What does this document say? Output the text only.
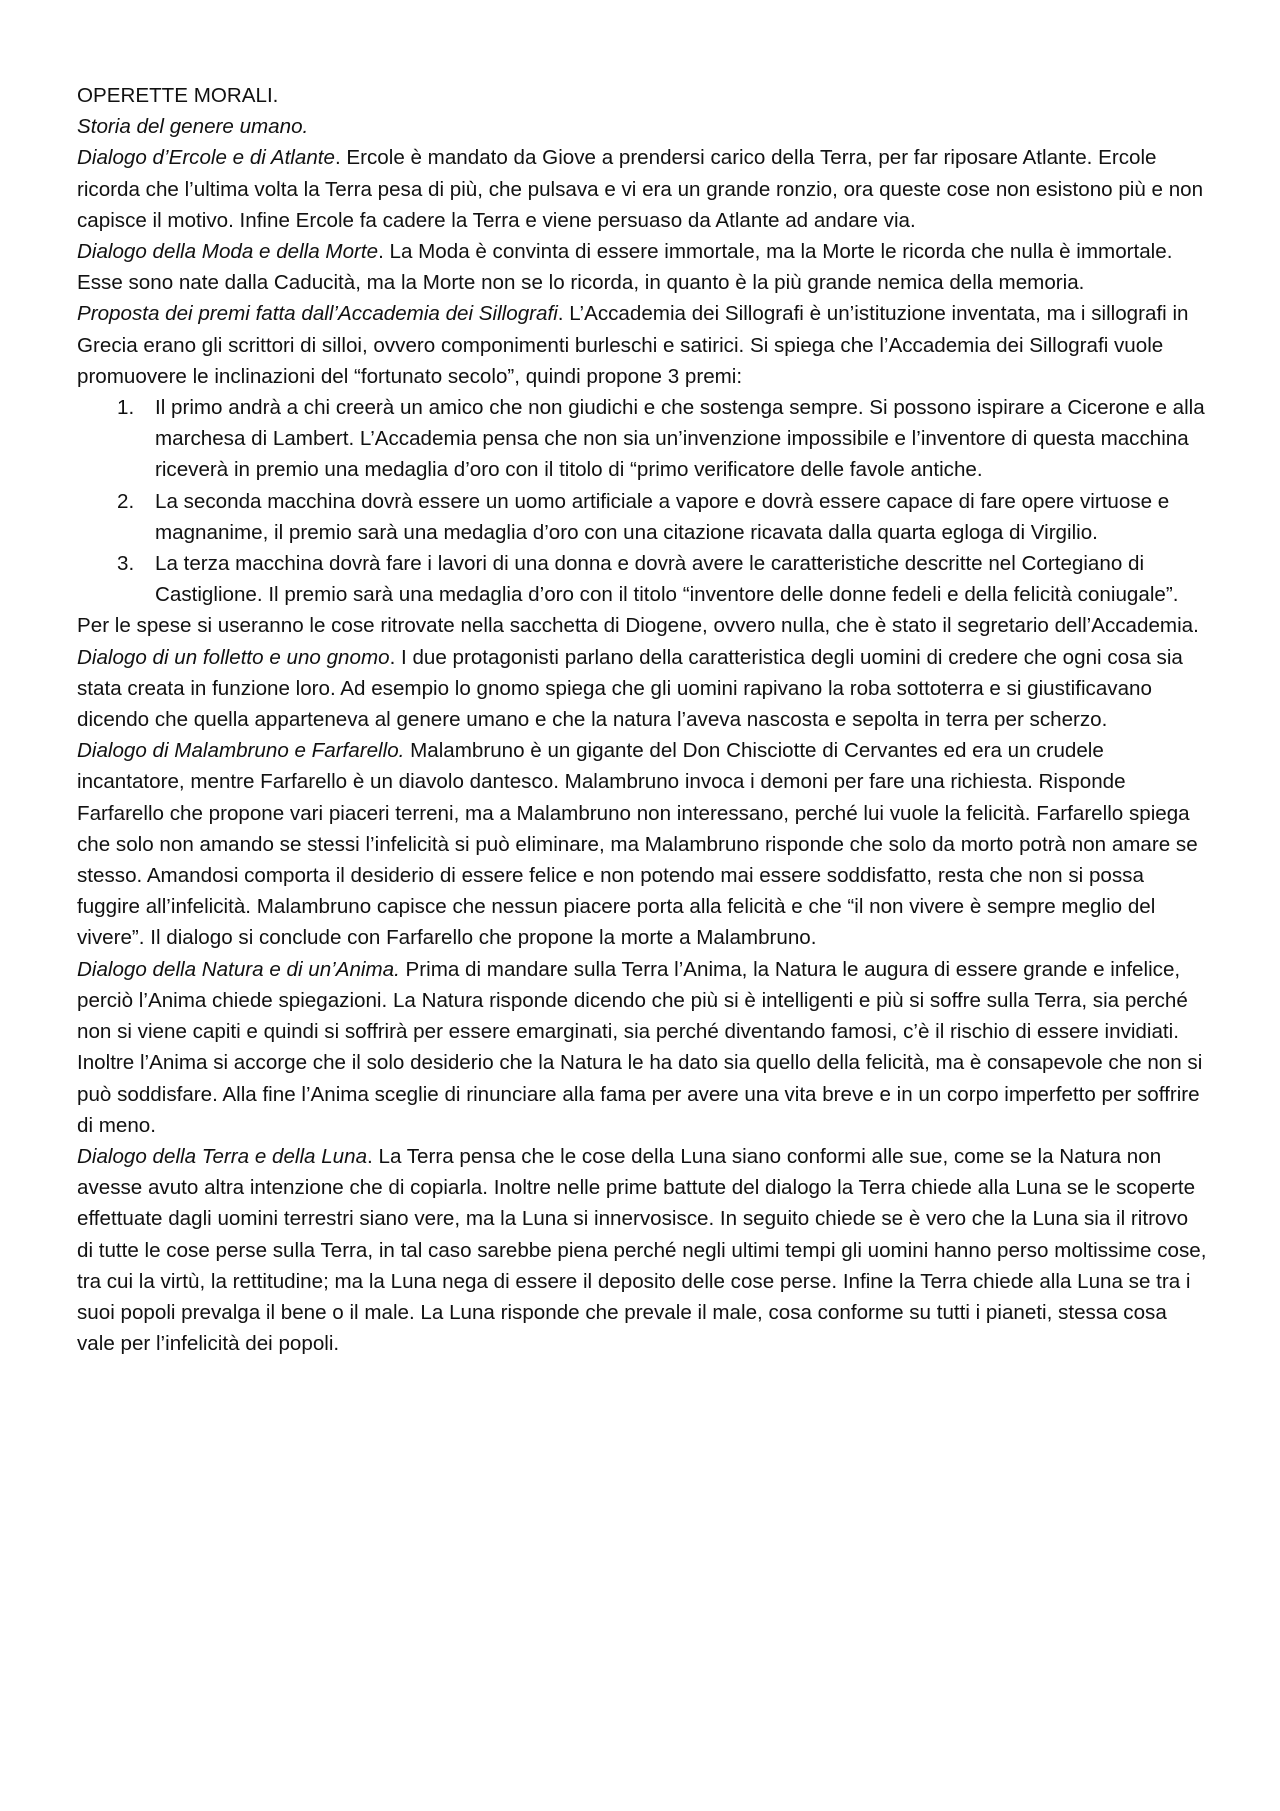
OPERETTE MORALI.

Storia del genere umano.

Dialogo d’Ercole e di Atlante. Ercole è mandato da Giove a prendersi carico della Terra, per far riposare Atlante. Ercole ricorda che l’ultima volta la Terra pesa di più, che pulsava e vi era un grande ronzio, ora queste cose non esistono più e non capisce il motivo. Infine Ercole fa cadere la Terra e viene persuaso da Atlante ad andare via.

Dialogo della Moda e della Morte. La Moda è convinta di essere immortale, ma la Morte le ricorda che nulla è immortale. Esse sono nate dalla Caducità, ma la Morte non se lo ricorda, in quanto è la più grande nemica della memoria.

Proposta dei premi fatta dall’Accademia dei Sillografi. L’Accademia dei Sillografi è un’istituzione inventata, ma i sillografi in Grecia erano gli scrittori di silloi, ovvero componimenti burleschi e satirici. Si spiega che l’Accademia dei Sillografi vuole promuovere le inclinazioni del “fortunato secolo”, quindi propone 3 premi:

1.	Il primo andrà a chi creerà un amico che non giudichi e che sostenga sempre. Si possono ispirare a Cicerone e alla marchesa di Lambert. L’Accademia pensa che non sia un’invenzione impossibile e l’inventore di questa macchina riceverà in premio una medaglia d’oro con il titolo di “primo verificatore delle favole antiche.
2.	La seconda macchina dovrà essere un uomo artificiale a vapore e dovrà essere capace di fare opere virtuose e magnanime, il premio sarà una medaglia d’oro con una citazione ricavata dalla quarta egloga di Virgilio.
3.	La terza macchina dovrà fare i lavori di una donna e dovrà avere le caratteristiche descritte nel Cortegiano di Castiglione. Il premio sarà una medaglia d’oro con il titolo “inventore delle donne fedeli e della felicità coniugale”.

Per le spese si useranno le cose ritrovate nella sacchetta di Diogene, ovvero nulla, che è stato il segretario dell’Accademia.

Dialogo di un folletto e uno gnomo. I due protagonisti parlano della caratteristica degli uomini di credere che ogni cosa sia stata creata in funzione loro. Ad esempio lo gnomo spiega che gli uomini rapivano la roba sottoterra e si giustificavano dicendo che quella apparteneva al genere umano e che la natura l’aveva nascosta e sepolta in terra per scherzo.

Dialogo di Malambruno e Farfarello. Malambruno è un gigante del Don Chisciotte di Cervantes ed era un crudele incantatore, mentre Farfarello è un diavolo dantesco. Malambruno invoca i demoni per fare una richiesta. Risponde Farfarello che propone vari piaceri terreni, ma a Malambruno non interessano, perché lui vuole la felicità. Farfarello spiega che solo non amando se stessi l’infelicità si può eliminare, ma Malambruno risponde che solo da morto potrà non amare se stesso. Amandosi comporta il desiderio di essere felice e non potendo mai essere soddisfatto, resta che non si possa fuggire all’infelicità. Malambruno capisce che nessun piacere porta alla felicità e che “il non vivere è sempre meglio del vivere”. Il dialogo si conclude con Farfarello che propone la morte a Malambruno.

Dialogo della Natura e di un’Anima. Prima di mandare sulla Terra l’Anima, la Natura le augura di essere grande e infelice, perciò l’Anima chiede spiegazioni. La Natura risponde dicendo che più si è intelligenti e più si soffre sulla Terra, sia perché non si viene capiti e quindi si soffrirà per essere emarginati, sia perché diventando famosi, c’è il rischio di essere invidiati. Inoltre l’Anima si accorge che il solo desiderio che la Natura le ha dato sia quello della felicità, ma è consapevole che non si può soddisfare. Alla fine l’Anima sceglie di rinunciare alla fama per avere una vita breve e in un corpo imperfetto per soffrire di meno.

Dialogo della Terra e della Luna. La Terra pensa che le cose della Luna siano conformi alle sue, come se la Natura non avesse avuto altra intenzione che di copiarla. Inoltre nelle prime battute del dialogo la Terra chiede alla Luna se le scoperte effettuate dagli uomini terrestri siano vere, ma la Luna si innervosisce. In seguito chiede se è vero che la Luna sia il ritrovo di tutte le cose perse sulla Terra, in tal caso sarebbe piena perché negli ultimi tempi gli uomini hanno perso moltissime cose, tra cui la virtù, la rettitudine; ma la Luna nega di essere il deposito delle cose perse. Infine la Terra chiede alla Luna se tra i suoi popoli prevalga il bene o il male. La Luna risponde che prevale il male, cosa conforme su tutti i pianeti, stessa cosa vale per l’infelicità dei popoli.
